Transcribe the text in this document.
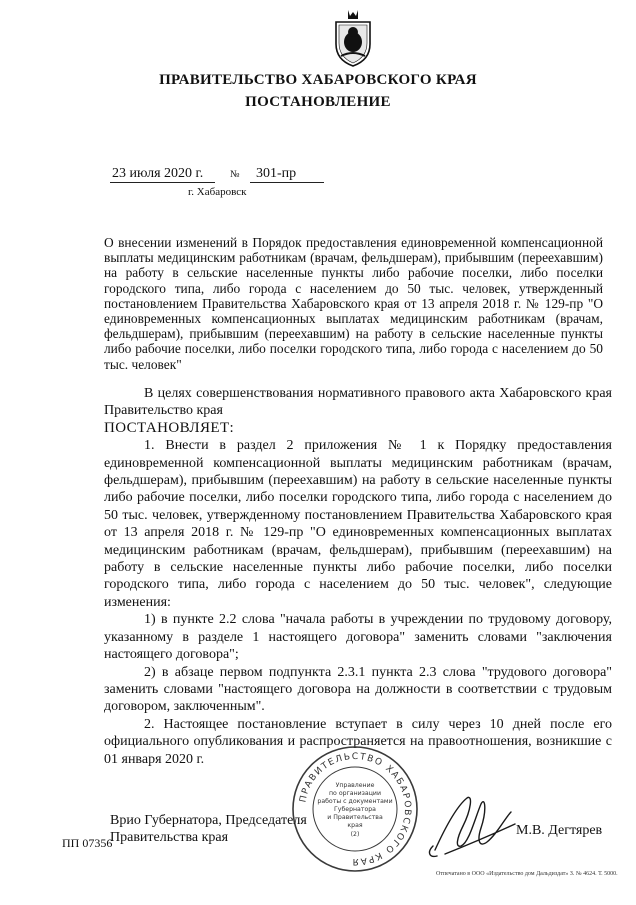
ПРАВИТЕЛЬСТВО ХАБАРОВСКОГО КРАЯ
ПОСТАНОВЛЕНИЕ
23 июля 2020 г.	№	301-пр
г. Хабаровск

О внесении изменений в Порядок предоставления единовременной компенсационной выплаты медицинским работникам (врачам, фельдшерам), прибывшим (переехавшим) на работу в сельские населенные пункты либо рабочие поселки, либо поселки городского типа, либо города с населением до 50 тыс. человек, утвержденный постановлением Правительства Хабаровского края от 13 апреля 2018 г. № 129-пр "О единовременных компенсационных выплатах медицинским работникам (врачам, фельдшерам), прибывшим (переехавшим) на работу в сельские населенные пункты либо рабочие поселки, либо поселки городского типа, либо города с населением до 50 тыс. человек"

В целях совершенствования нормативного правового акта Хабаровского края Правительство края

ПОСТАНОВЛЯЕТ:

1. Внести в раздел 2 приложения № 1 к Порядку предоставления единовременной компенсационной выплаты медицинским работникам (врачам, фельдшерам), прибывшим (переехавшим) на работу в сельские населенные пункты либо рабочие поселки, либо поселки городского типа, либо города с населением до 50 тыс. человек, утвержденному постановлением Правительства Хабаровского края от 13 апреля 2018 г. № 129-пр "О единовременных компенсационных выплатах медицинским работникам (врачам, фельдшерам), прибывшим (переехавшим) на работу в сельские населенные пункты либо рабочие поселки, либо поселки городского типа, либо города с населением до 50 тыс. человек", следующие изменения:

1) в пункте 2.2 слова "начала работы в учреждении по трудовому договору, указанному в разделе 1 настоящего договора" заменить словами "заключения настоящего договора";

2) в абзаце первом подпункта 2.3.1 пункта 2.3 слова "трудового договора" заменить словами "настоящего договора на должности в соответствии с трудовым договором, заключенным".

2. Настоящее постановление вступает в силу через 10 дней после его официального опубликования и распространяется на правоотношения, возникшие с 01 января 2020 г.

ПРАВИТЕЛЬСТВО ХАБАРОВСКОГО КРАЯ
Управление
по организации
работы с документами
Губернатора
и Правительства
края
(2)
Врио Губернатора, Председателя
Правительства края	М.В. Дегтярев
ПП 07356
Отпечатано в ООО «Издательство дом Дальдиздат» З. № 4624. Т. 5000.
